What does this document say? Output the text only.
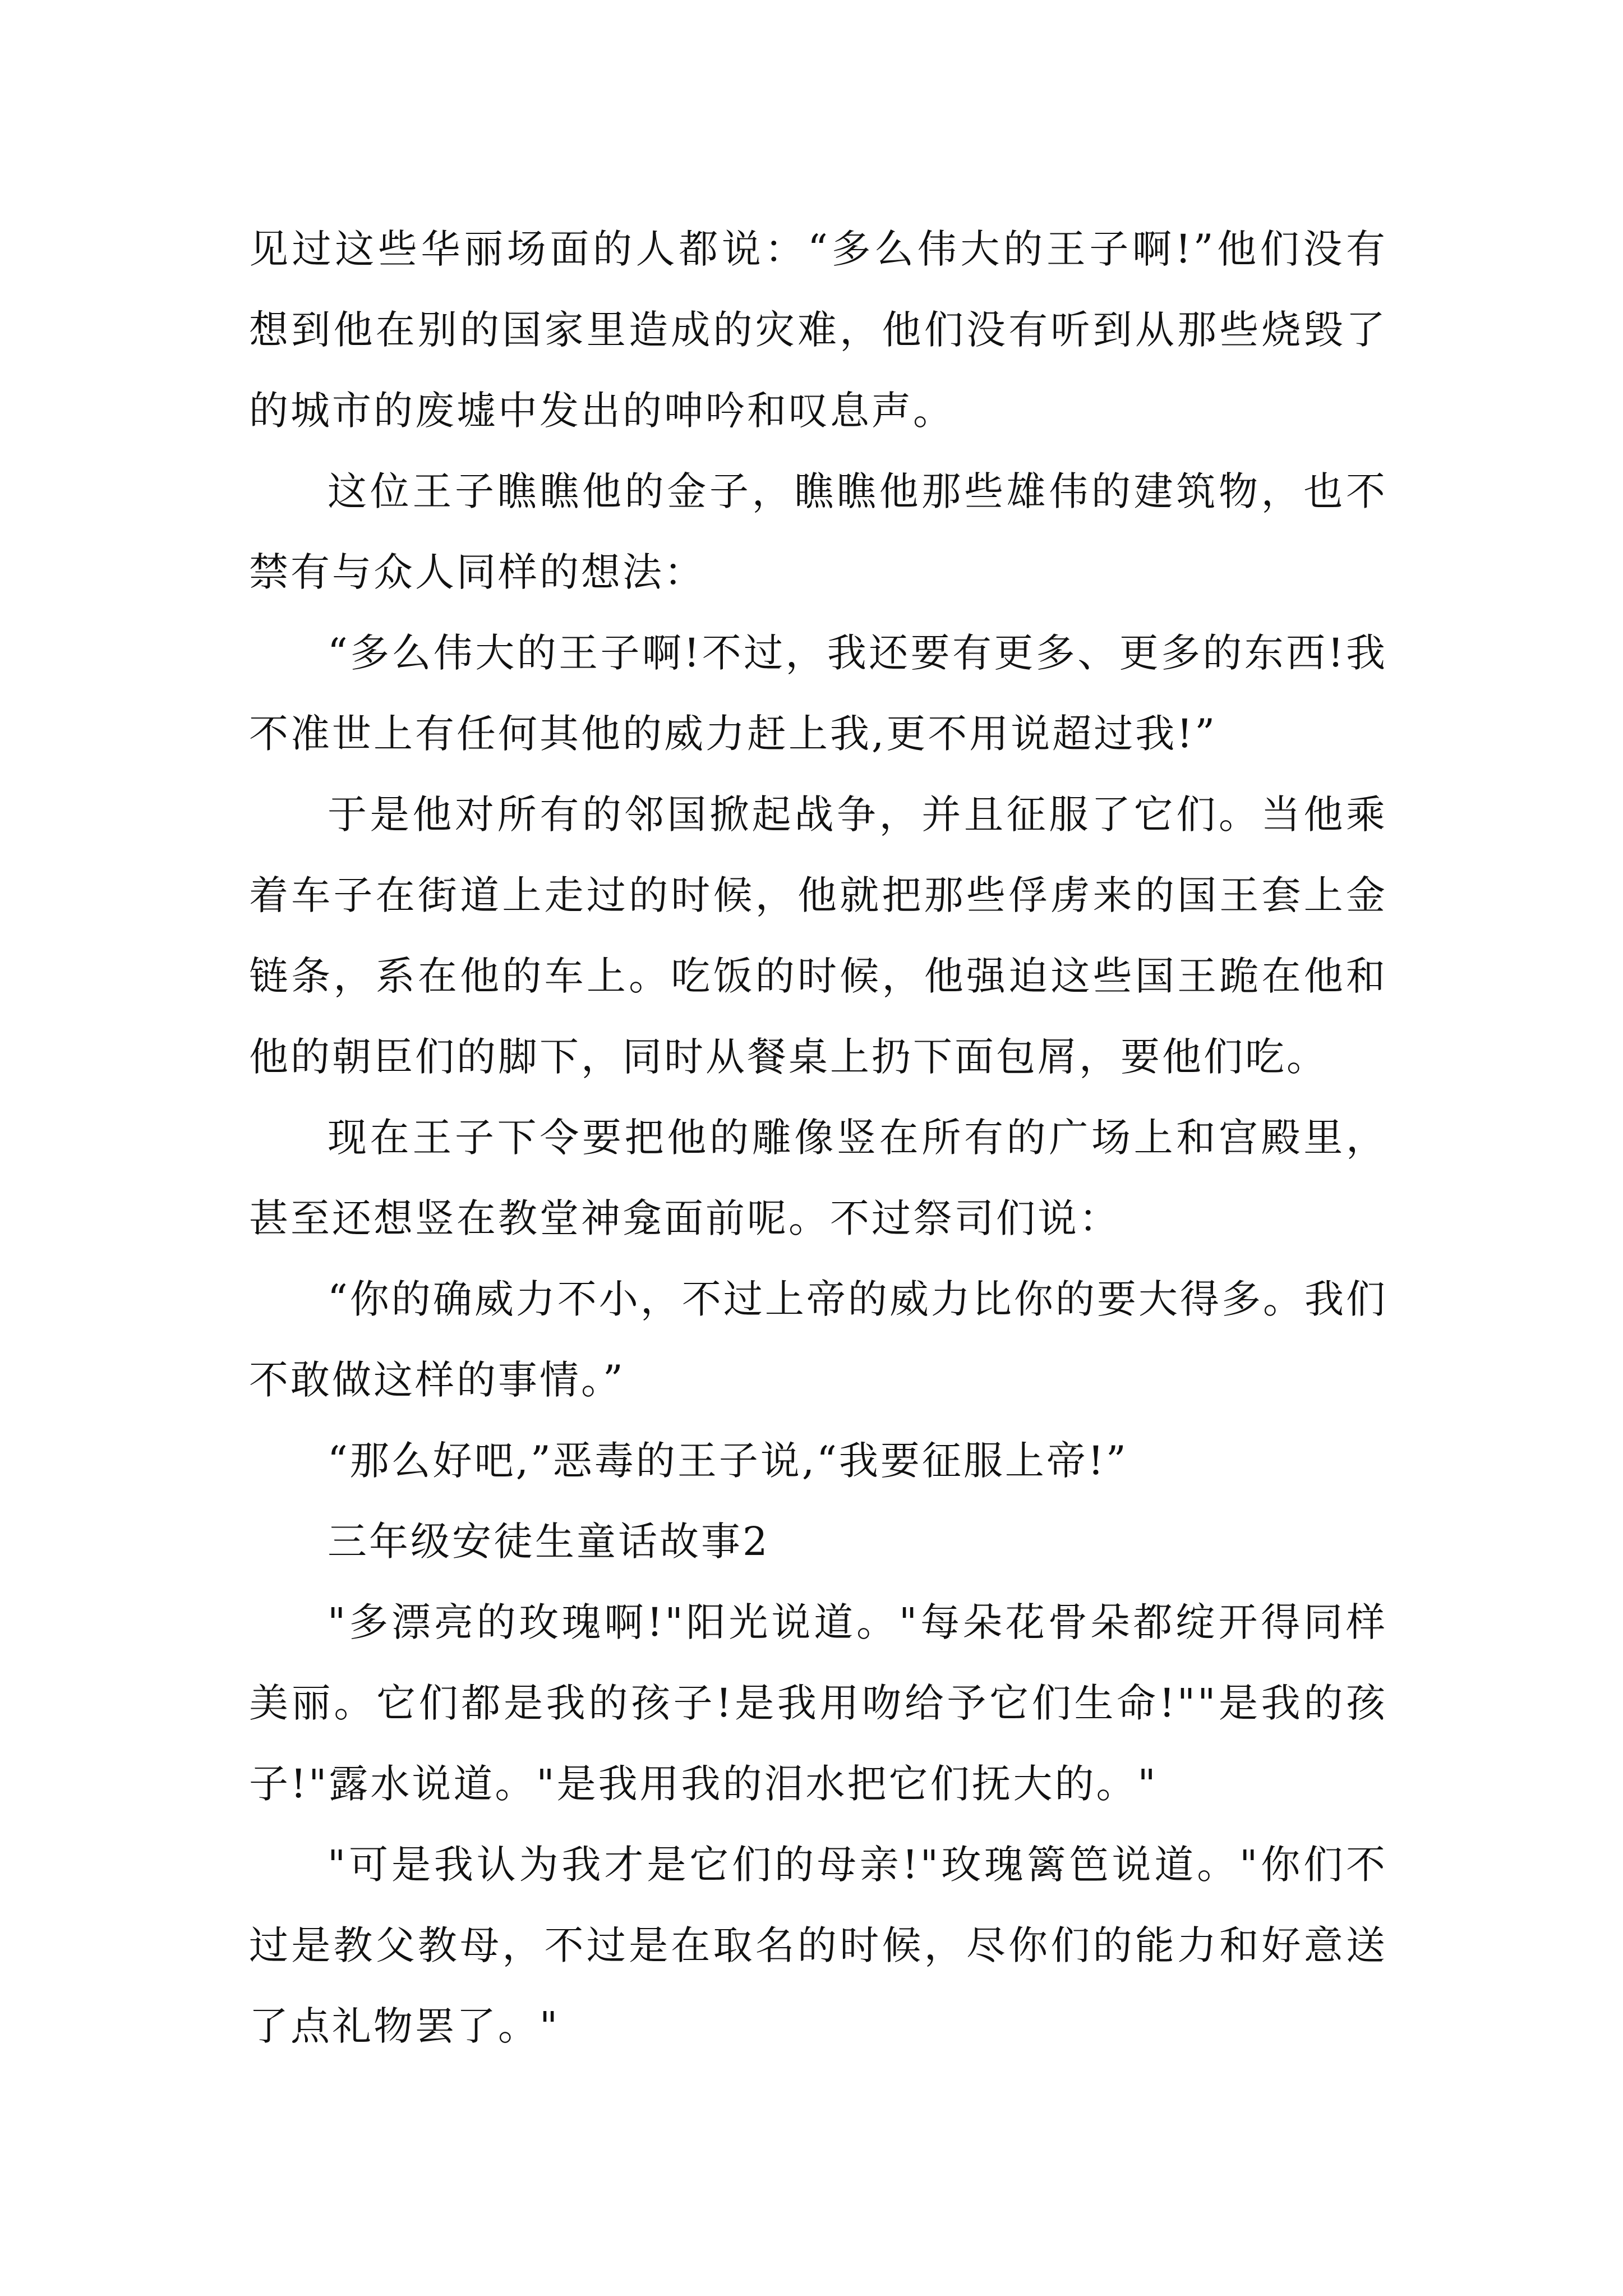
见过这些华丽场面的人都说：“多么伟大的王子啊!”他们没有想到他在别的国家里造成的灾难，他们没有听到从那些烧毁了的城市的废墟中发出的呻吟和叹息声。

这位王子瞧瞧他的金子，瞧瞧他那些雄伟的建筑物，也不禁有与众人同样的想法：

“多么伟大的王子啊!不过，我还要有更多、更多的东西!我不准世上有任何其他的威力赶上我,更不用说超过我!”

于是他对所有的邻国掀起战争，并且征服了它们。当他乘着车子在街道上走过的时候，他就把那些俘虏来的国王套上金链条，系在他的车上。吃饭的时候，他强迫这些国王跪在他和他的朝臣们的脚下，同时从餐桌上扔下面包屑，要他们吃。

现在王子下令要把他的雕像竖在所有的广场上和宫殿里，甚至还想竖在教堂神龛面前呢。不过祭司们说：

“你的确威力不小，不过上帝的威力比你的要大得多。我们不敢做这样的事情。”

“那么好吧,”恶毒的王子说,“我要征服上帝!”

三年级安徒生童话故事2

"多漂亮的玫瑰啊!"阳光说道。"每朵花骨朵都绽开得同样美丽。它们都是我的孩子!是我用吻给予它们生命!""是我的孩子!"露水说道。"是我用我的泪水把它们抚大的。"

"可是我认为我才是它们的母亲!"玫瑰篱笆说道。"你们不过是教父教母，不过是在取名的时候，尽你们的能力和好意送了点礼物罢了。"
